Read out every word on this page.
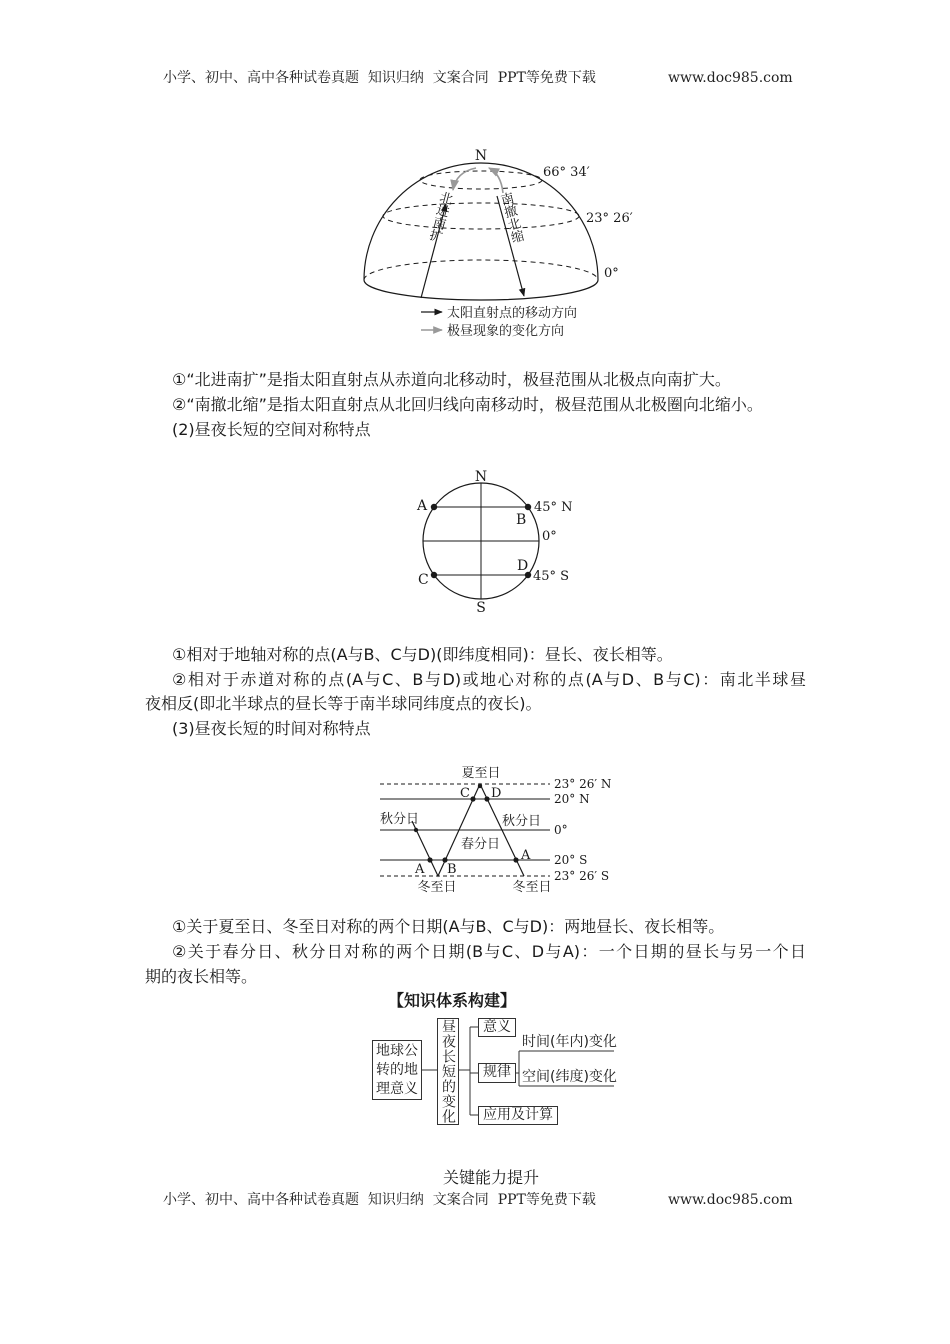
小学、初中、高中各种试卷真题  知识归纳  文案合同  PPT等免费下载	www.doc985.com
N
66° 34′
23° 26′
0°
太阳直射点的移动方向
极昼现象的变化方向
N
S
A
B
C
D
45° N
0°
45° S
夏至日
秋分日	秋分日
春分日
冬至日	冬至日
C D
A B
A
23° 26′ N
20° N
0°
20° S
23° 26′ S
北进南扩	南撤北缩
①“北进南扩”是指太阳直射点从赤道向北移动时，极昼范围从北极点向南扩大。
②“南撤北缩”是指太阳直射点从北回归线向南移动时，极昼范围从北极圈向北缩小。
(2)昼夜长短的空间对称特点
①相对于地轴对称的点(A与B、C与D)(即纬度相同)：昼长、夜长相等。
②相对于赤道对称的点(A与C、B与D)或地心对称的点(A与D、B与C)：南北半球昼
夜相反(即北半球点的昼长等于南半球同纬度点的夜长)。
(3)昼夜长短的时间对称特点
①关于夏至日、冬至日对称的两个日期(A与B、C与D)：两地昼长、夜长相等。
②关于春分日、秋分日对称的两个日期(B与C、D与A)：一个日期的昼长与另一个日
期的夜长相等。
【知识体系构建】
地球公转的地理意义 昼夜长短的变化	意义
规律
应用及计算
时间(年内)变化
空间(纬度)变化
关键能力提升
小学、初中、高中各种试卷真题  知识归纳  文案合同  PPT等免费下载	www.doc985.com
